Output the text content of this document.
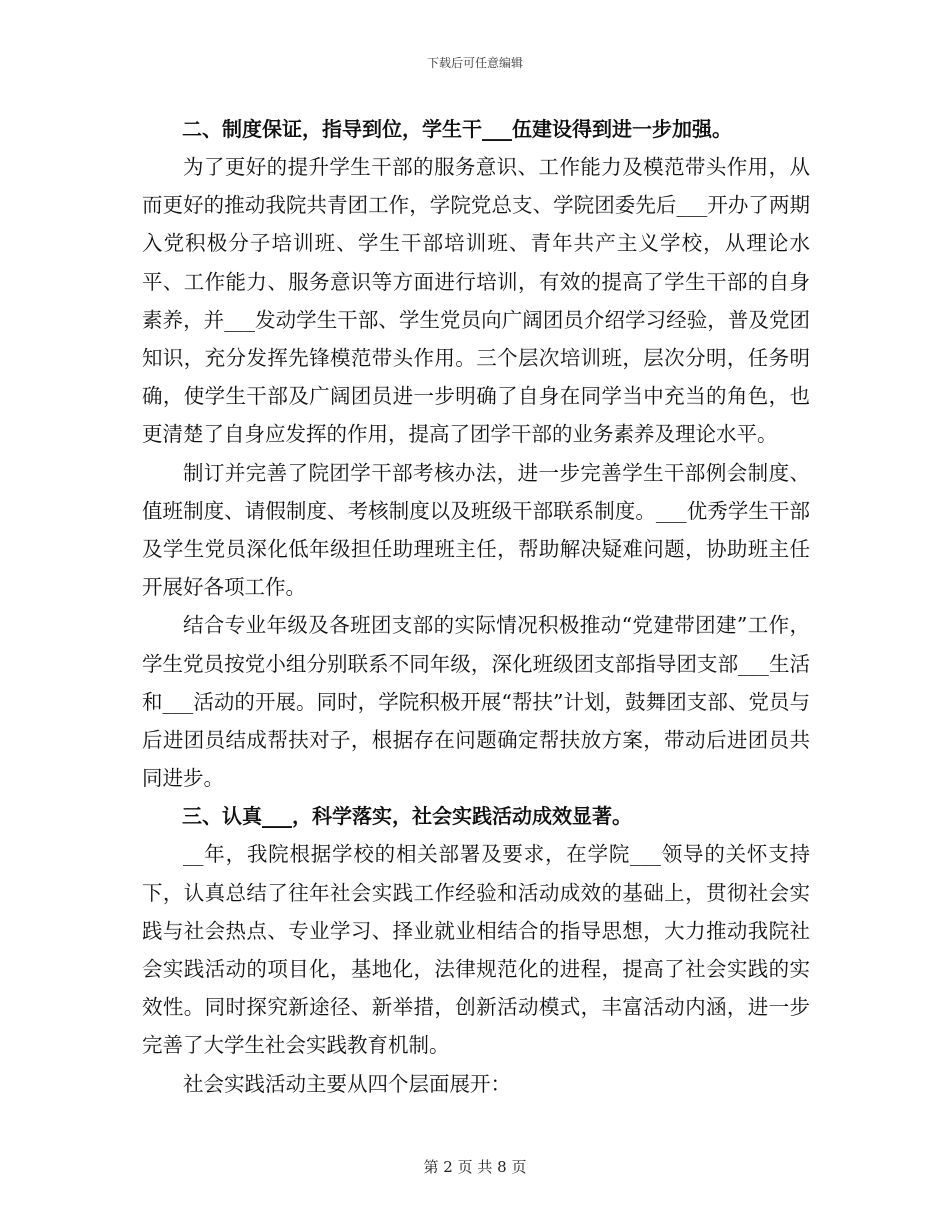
下载后可任意编辑

二、制度保证，指导到位，学生干___伍建设得到进一步加强。

为了更好的提升学生干部的服务意识、工作能力及模范带头作用，从而更好的推动我院共青团工作，学院党总支、学院团委先后___开办了两期入党积极分子培训班、学生干部培训班、青年共产主义学校，从理论水平、工作能力、服务意识等方面进行培训，有效的提高了学生干部的自身素养，并___发动学生干部、学生党员向广阔团员介绍学习经验，普及党团知识，充分发挥先锋模范带头作用。三个层次培训班，层次分明，任务明确，使学生干部及广阔团员进一步明确了自身在同学当中充当的角色，也更清楚了自身应发挥的作用，提高了团学干部的业务素养及理论水平。

制订并完善了院团学干部考核办法，进一步完善学生干部例会制度、值班制度、请假制度、考核制度以及班级干部联系制度。___优秀学生干部及学生党员深化低年级担任助理班主任，帮助解决疑难问题，协助班主任开展好各项工作。

结合专业年级及各班团支部的实际情况积极推动“党建带团建”工作，学生党员按党小组分别联系不同年级，深化班级团支部指导团支部___生活和___活动的开展。同时，学院积极开展“帮扶”计划，鼓舞团支部、党员与后进团员结成帮扶对子，根据存在问题确定帮扶放方案，带动后进团员共同进步。

三、认真___，科学落实，社会实践活动成效显著。

__年，我院根据学校的相关部署及要求，在学院___领导的关怀支持下，认真总结了往年社会实践工作经验和活动成效的基础上，贯彻社会实践与社会热点、专业学习、择业就业相结合的指导思想，大力推动我院社会实践活动的项目化，基地化，法律规范化的进程，提高了社会实践的实效性。同时探究新途径、新举措，创新活动模式，丰富活动内涵，进一步完善了大学生社会实践教育机制。

社会实践活动主要从四个层面展开：

第 2 页 共 8 页
